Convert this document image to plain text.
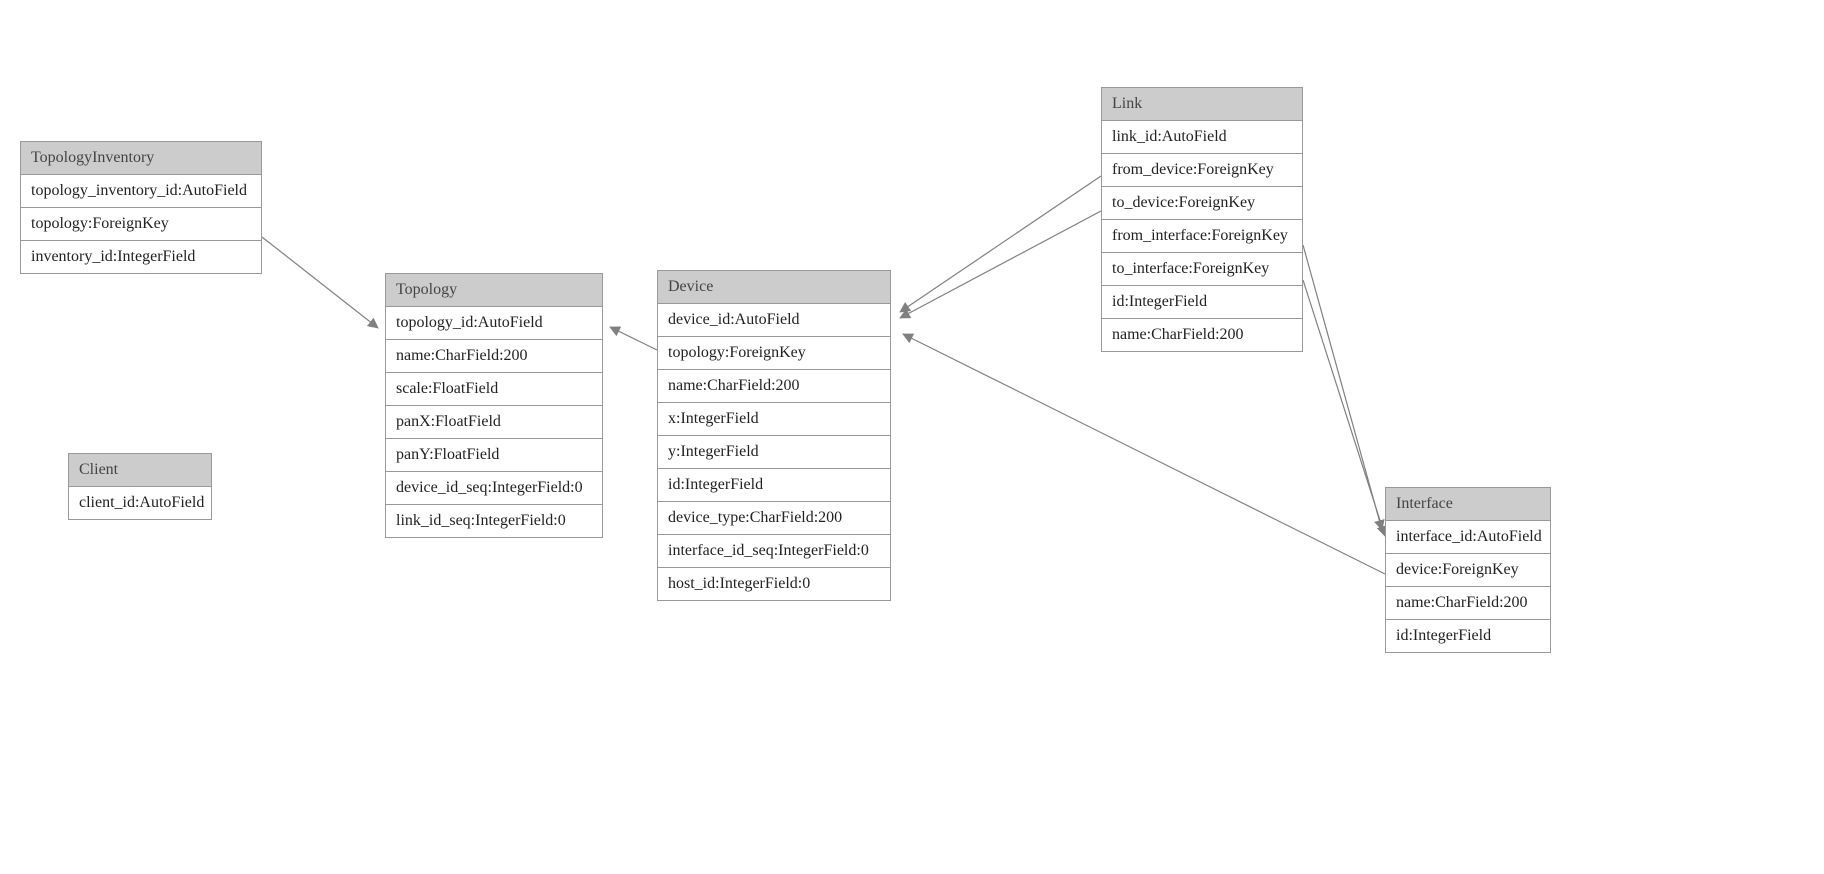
TopologyInventory
topology_inventory_id:AutoField
topology:ForeignKey
inventory_id:IntegerField
Topology
topology_id:AutoField
name:CharField:200
scale:FloatField
panX:FloatField
panY:FloatField
device_id_seq:IntegerField:0
link_id_seq:IntegerField:0
Client
client_id:AutoField
Device
device_id:AutoField
topology:ForeignKey
name:CharField:200
x:IntegerField
y:IntegerField
id:IntegerField
device_type:CharField:200
interface_id_seq:IntegerField:0
host_id:IntegerField:0
Link
link_id:AutoField
from_device:ForeignKey
to_device:ForeignKey
from_interface:ForeignKey
to_interface:ForeignKey
id:IntegerField
name:CharField:200
Interface
interface_id:AutoField
device:ForeignKey
name:CharField:200
id:IntegerField
